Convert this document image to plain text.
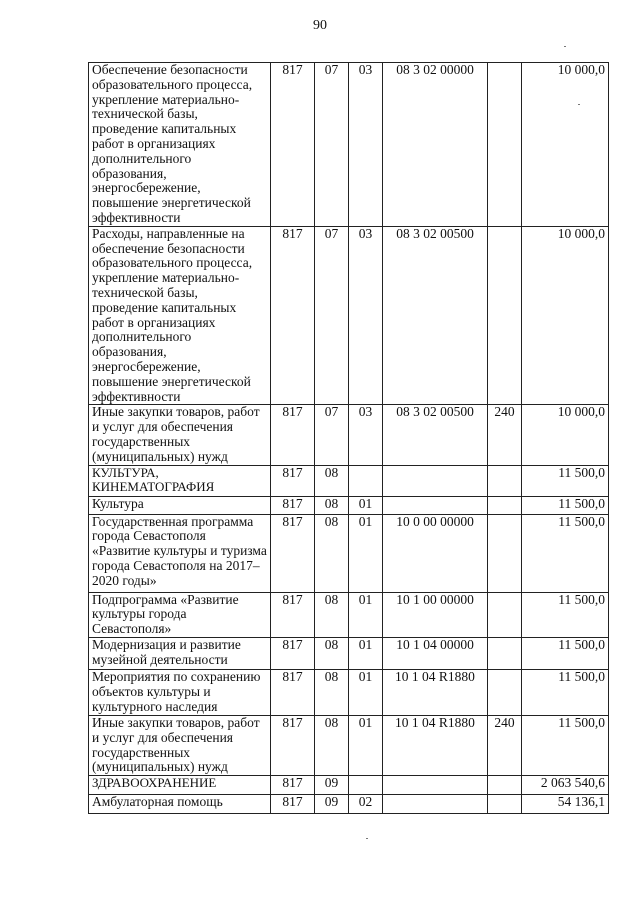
90
Обеспечение безопасности образовательного процесса, укрепление материально-технической базы, проведение капитальных работ в организациях дополнительного образования, энергосбережение, повышение энергетической эффективности	817	07	03	08 3 02 00000		10 000,0
Расходы, направленные на обеспечение безопасности образовательного процесса, укрепление материально-технической базы, проведение капитальных работ в организациях дополнительного образования, энергосбережение, повышение энергетической эффективности	817	07	03	08 3 02 00500		10 000,0
Иные закупки товаров, работ и услуг для обеспечения государственных (муниципальных) нужд	817	07	03	08 3 02 00500	240	10 000,0
КУЛЬТУРА, КИНЕМАТОГРАФИЯ	817	08				11 500,0
Культура	817	08	01			11 500,0
Государственная программа города Севастополя «Развитие культуры и туризма города Севастополя на 2017–2020 годы»	817	08	01	10 0 00 00000		11 500,0
Подпрограмма «Развитие культуры города Севастополя»	817	08	01	10 1 00 00000		11 500,0
Модернизация и развитие музейной деятельности	817	08	01	10 1 04 00000		11 500,0
Мероприятия по сохранению объектов культуры и культурного наследия	817	08	01	10 1 04 R1880		11 500,0
Иные закупки товаров, работ и услуг для обеспечения государственных (муниципальных) нужд	817	08	01	10 1 04 R1880	240	11 500,0
ЗДРАВООХРАНЕНИЕ	817	09				2 063 540,6
Амбулаторная помощь	817	09	02			54 136,1
